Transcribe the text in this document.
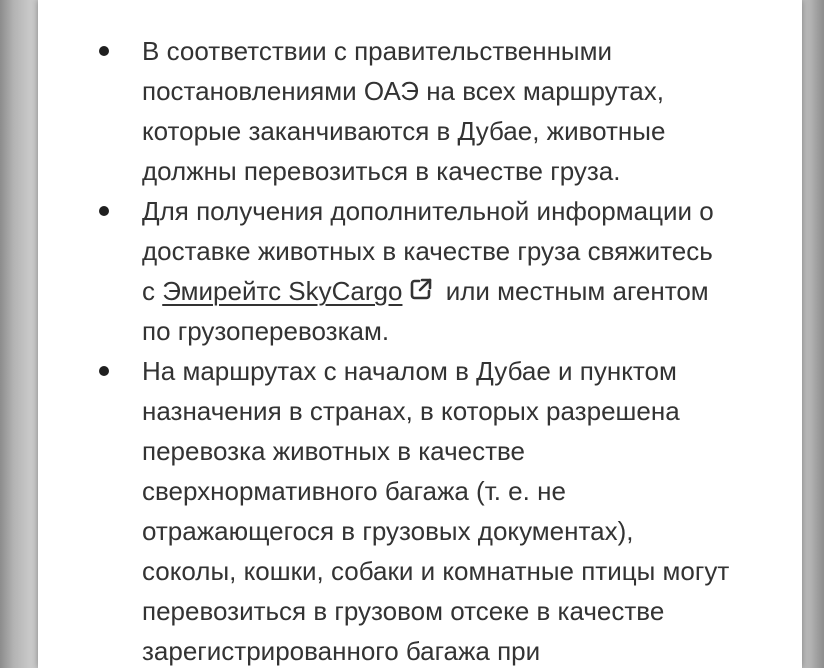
В соответствии с правительственными постановлениями ОАЭ на всех маршрутах, которые заканчиваются в Дубае, животные должны перевозиться в качестве груза.
Для получения дополнительной информации о доставке животных в качестве груза свяжитесь с Эмирейтс SkyCargo или местным агентом по грузоперевозкам.
На маршрутах с началом в Дубае и пунктом назначения в странах, в которых разрешена перевозка животных в качестве сверхнормативного багажа (т. е. не отражающегося в грузовых документах), соколы, кошки, собаки и комнатные птицы могут перевозиться в грузовом отсеке в качестве зарегистрированного багажа при
